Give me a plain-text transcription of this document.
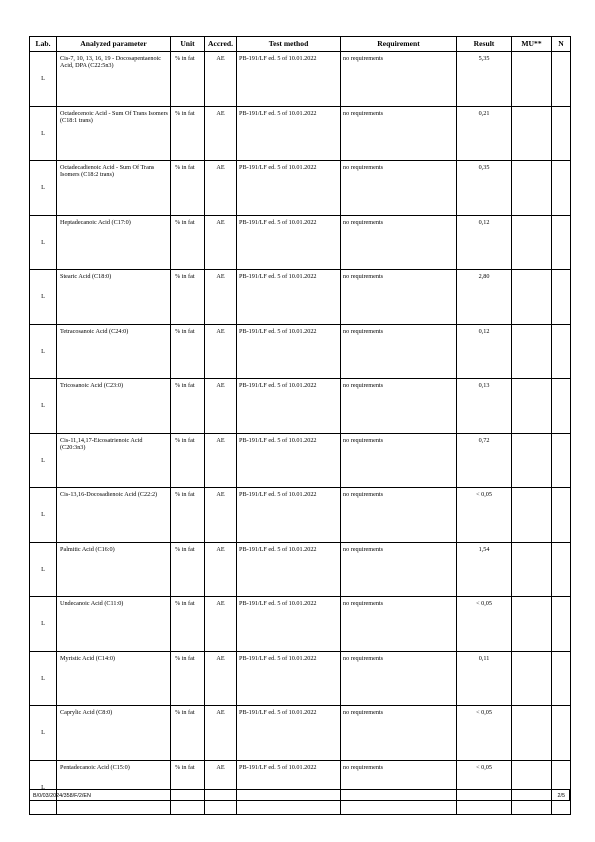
Lab.	Analyzed parameter	Unit	Accred.	Test method	Requirement	Result	MU**	N
L	Cis-7, 10, 13, 16, 19 - Docosapentaenoic Acid, DPA (C22:5n3)	% in fat	AE	PB-191/LF ed. 5 of 10.01.2022	no requirements	5,35		
L	Octadecenoic Acid - Sum Of Trans Isomers (C18:1 trans)	% in fat	AE	PB-191/LF ed. 5 of 10.01.2022	no requirements	0,21		
L	Octadecadienoic Acid - Sum Of Trans Isomers (C18:2 trans)	% in fat	AE	PB-191/LF ed. 5 of 10.01.2022	no requirements	0,35		
L	Heptadecanoic Acid (C17:0)	% in fat	AE	PB-191/LF ed. 5 of 10.01.2022	no requirements	0,12		
L	Stearic Acid (C18:0)	% in fat	AE	PB-191/LF ed. 5 of 10.01.2022	no requirements	2,80		
L	Tetracosanoic Acid (C24:0)	% in fat	AE	PB-191/LF ed. 5 of 10.01.2022	no requirements	0,12		
L	Tricosanoic Acid (C23:0)	% in fat	AE	PB-191/LF ed. 5 of 10.01.2022	no requirements	0,13		
L	Cis-11,14,17-Eicosatrienoic Acid (C20:3n3)	% in fat	AE	PB-191/LF ed. 5 of 10.01.2022	no requirements	0,72		
L	Cis-13,16-Docosadienoic Acid (C22:2)	% in fat	AE	PB-191/LF ed. 5 of 10.01.2022	no requirements	< 0,05		
L	Palmitic Acid (C16:0)	% in fat	AE	PB-191/LF ed. 5 of 10.01.2022	no requirements	1,54		
L	Undecanoic Acid (C11:0)	% in fat	AE	PB-191/LF ed. 5 of 10.01.2022	no requirements	< 0,05		
L	Myristic Acid (C14:0)	% in fat	AE	PB-191/LF ed. 5 of 10.01.2022	no requirements	0,11		
L	Caprylic Acid (C8:0)	% in fat	AE	PB-191/LF ed. 5 of 10.01.2022	no requirements	< 0,05		
L	Pentadecanoic Acid (C15:0)	% in fat	AE	PB-191/LF ed. 5 of 10.01.2022	no requirements	< 0,05		
B/0/03/2024/358/F/2/EN	2/5
